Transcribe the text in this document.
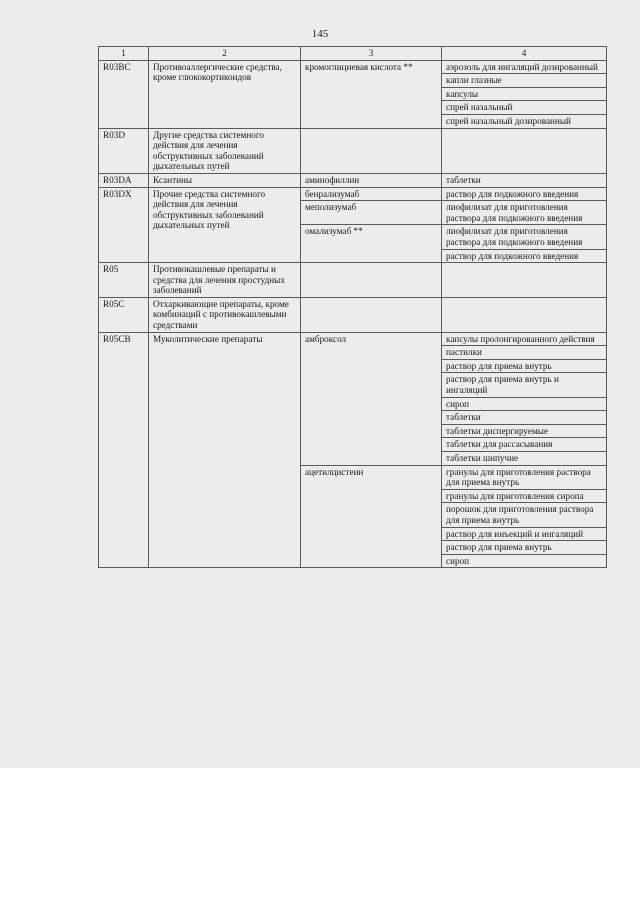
145
1	2	3	4
R03BC	Противоаллергические средства, кроме глюкокортикоидов	кромоглициевая кислота **	аэрозоль для ингаляций дозированный
			капли глазные
			капсулы
			спрей назальный
			спрей назальный дозированный
R03D	Другие средства системного действия для лечения обструктивных заболеваний дыхательных путей		
R03DA	Ксантины	аминофиллин	таблетки
R03DX	Прочие средства системного действия для лечения обструктивных заболеваний дыхательных путей	бенрализумаб	раствор для подкожного введения
		меполизумаб	лиофилизат для приготовления раствора для подкожного введения
		омализумаб **	лиофилизат для приготовления раствора для подкожного введения
			раствор для подкожного введения
R05	Противокашлевые препараты и средства для лечения простудных заболеваний		
R05C	Отхаркивающие препараты, кроме комбинаций с противокашлевыми средствами		
R05CB	Муколитические препараты	амброксол	капсулы пролонгированного действия
			пастилки
			раствор для приема внутрь
			раствор для приема внутрь и ингаляций
			сироп
			таблетки
			таблетки диспергируемые
			таблетки для рассасывания
			таблетки шипучие
		ацетилцистеин	гранулы для приготовления раствора для приема внутрь
			гранулы для приготовления сиропа
			порошок для приготовления раствора для приема внутрь
			раствор для инъекций и ингаляций
			раствор для приема внутрь
			сироп
